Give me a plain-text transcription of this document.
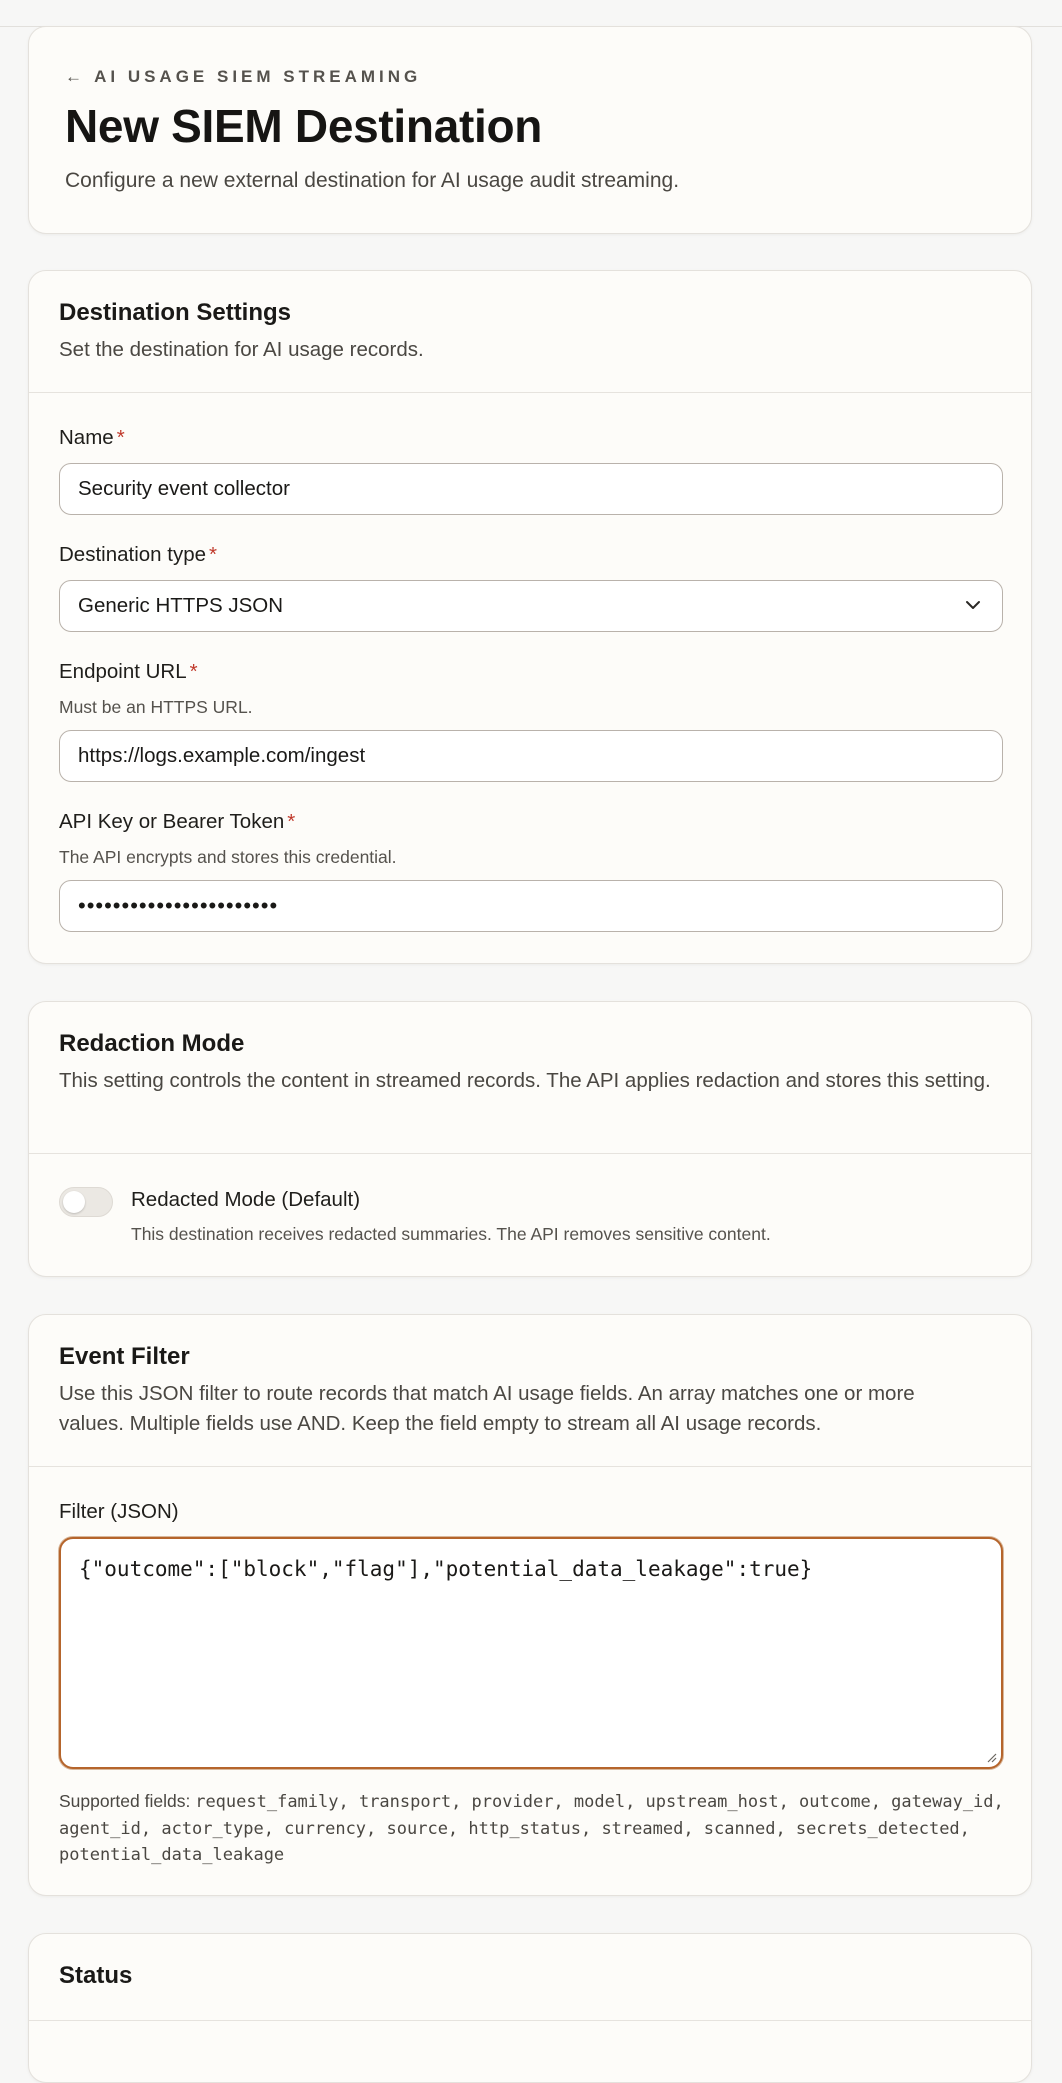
← AI USAGE SIEM STREAMING
New SIEM Destination

Configure a new external destination for AI usage audit streaming.

Destination Settings

Set the destination for AI usage records.

Name *
Security event collector
Destination type *
Generic HTTPS JSON
Endpoint URL *
Must be an HTTPS URL.
https://logs.example.com/ingest
API Key or Bearer Token *
The API encrypts and stores this credential.
•••••••••••••••••••••••
Redaction Mode

This setting controls the content in streamed records. The API applies redaction and stores this setting.

Redacted Mode (Default)
This destination receives redacted summaries. The API removes sensitive content.
Event Filter

Use this JSON filter to route records that match AI usage fields. An array matches one or more values. Multiple fields use AND. Keep the field empty to stream all AI usage records.

Filter (JSON)
{"outcome":["block","flag"],"potential_data_leakage":true}
Supported fields: request_family, transport, provider, model, upstream_host, outcome, gateway_id, agent_id, actor_type, currency, source, http_status, streamed, scanned, secrets_detected, potential_data_leakage
Status
